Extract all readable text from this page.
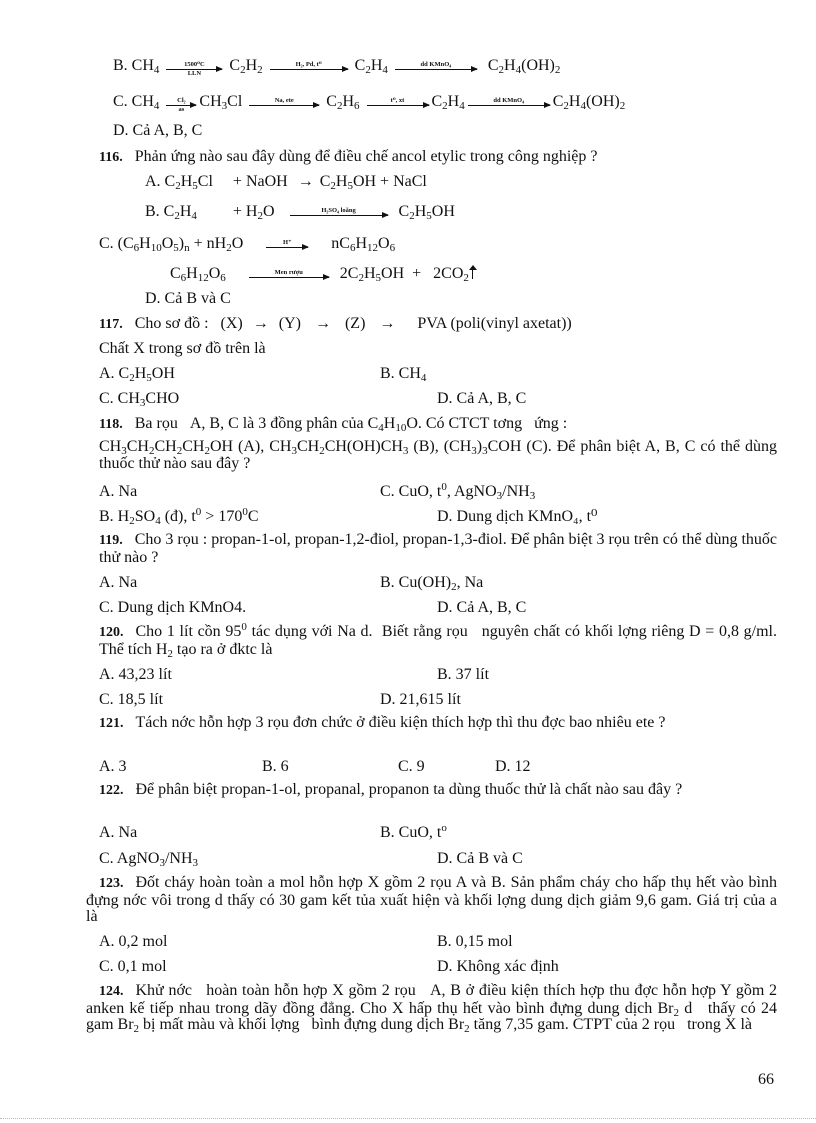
B. $CH_4$	1500⁰C
LLN	$C_2H_2$	H₂, Pd, t⁰
	$C_2H_4$	dd KMnO₄
	$C_2H_4(OH)_2$
C. $CH_4 \frac{\text{Cl₂}}{as} CH_3Cl$	Na, ete
	$C_2H_6$	t⁰, xt
	$C_2H_4$	dd KMnO₄
	$C_2H_4(OH)_2$
D. Cả A, B, C
116. Phản ứng nào sau đây dùng để điều chế ancol etylic trong công nghiệp ?
A. $C_2H_5Cl$     + NaOH → $C_2H_5OH$ + NaCl
B. $C_2H_4$         + $H_2O$	H₂SO₄ loãng
	$C_2H_5OH$
C. $(C_6H_{10}O_5)_n + nH_2O$	H⁺
	$nC_6H_{12}O_6$
$C_6H_{12}O_6$	Men rượu
	$2C_2H_5OH + 2CO_2$
D. Cả B và C
117. Cho sơ đồ :   (X) → (Y)  →  (Z)  →    PVA (poli(vinyl axetat))
Chất X trong sơ đồ trên là
A. $C_2H_5OH$	B. $CH_4$
C. $CH_3CHO$	D. Cả A, B, C
118. Ba rọu   A, B, C là 3 đồng phân của $C_4H_{10}O$. Có CTCT tơng   ứng :
$CH_3CH_2CH_2CH_2OH$ (A), $CH_3CH_2CH(OH)CH_3$ (B), $(CH_3)_3COH$ (C). Để phân biệt A, B, C có thể dùng thuốc thử nào sau đây ?
A. Na	C. CuO, $t^0$, $AgNO_3/NH_3$
B. $H_2SO_4$ (đ), $t^0 > 170^0C$	D. Dung dịch KMnO₄, t⁰
119. Cho 3 rọu : propan-1-ol, propan-1,2-điol, propan-1,3-điol. Để phân biệt 3 rọu trên có thể dùng thuốc thử nào ?
A. Na	B. $Cu(OH)_2$, Na
C. Dung dịch KMnO4.	D. Cả A, B, C
120. Cho 1 lít cồn $95^0$ tác dụng với Na d.  Biết rằng rọu   nguyên chất có khối lợng riêng D = 0,8 g/ml. Thể tích $H_2$ tạo ra ở đktc là
A. 43,23 lít	B. 37 lít
C. 18,5 lít	D. 21,615 lít
121. Tách nớc hỗn hợp 3 rọu đơn chức ở điều kiện thích hợp thì thu đợc bao nhiêu ete ?
A. 3	B. 6	C. 9	D. 12
122. Để phân biệt propan-1-ol, propanal, propanon ta dùng thuốc thử là chất nào sau đây ?
A. Na	B. CuO, $t^o$
C. $AgNO_3/NH_3$	D. Cả B và C
123. Đốt cháy hoàn toàn a mol hỗn hợp X gồm 2 rọu A và B. Sản phẩm cháy cho hấp thụ hết vào bình đựng nớc vôi trong d thấy có 30 gam kết tủa xuất hiện và khối lợng dung dịch giảm 9,6 gam. Giá trị của a là
A. 0,2 mol	B. 0,15 mol
C. 0,1 mol	D. Không xác định
124. Khử nớc   hoàn toàn hỗn hợp X gồm 2 rọu   A, B ở điều kiện thích hợp thu đợc hỗn hợp Y gồm 2 anken kế tiếp nhau trong dãy đồng đẳng. Cho X hấp thụ hết vào bình đựng dung dịch $Br_2$ d   thấy có 24 gam $Br_2$ bị mất màu và khối lợng   bình đựng dung dịch $Br_2$ tăng 7,35 gam. CTPT của 2 rọu   trong X là
66
